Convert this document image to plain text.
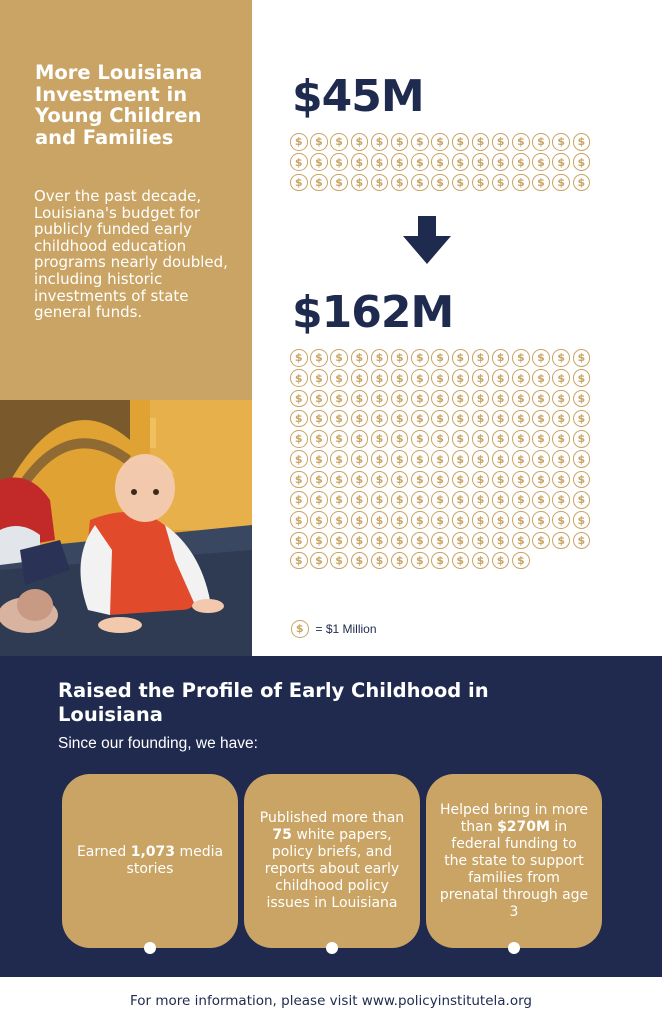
More Louisiana Investment in Young Children and Families

Over the past decade, Louisiana's budget for publicly funded early childhood education programs nearly doubled, including historic investments of state general funds.

$45M
$	$	$	$	$	$	$	$	$	$	$	$	$	$	$
$	$	$	$	$	$	$	$	$	$	$	$	$	$	$
$	$	$	$	$	$	$	$	$	$	$	$	$	$	$
$162M
$	$	$	$	$	$	$	$	$	$	$	$	$	$	$
$	$	$	$	$	$	$	$	$	$	$	$	$	$	$
$	$	$	$	$	$	$	$	$	$	$	$	$	$	$
$	$	$	$	$	$	$	$	$	$	$	$	$	$	$
$	$	$	$	$	$	$	$	$	$	$	$	$	$	$
$	$	$	$	$	$	$	$	$	$	$	$	$	$	$
$	$	$	$	$	$	$	$	$	$	$	$	$	$	$
$	$	$	$	$	$	$	$	$	$	$	$	$	$	$
$	$	$	$	$	$	$	$	$	$	$	$	$	$	$
$	$	$	$	$	$	$	$	$	$	$	$	$	$	$
$	$	$	$	$	$	$	$	$	$	$	$
$ = $1 Million
Raised the Profile of Early Childhood in Louisiana

Since our founding, we have:

Earned 1,073 media stories
Published more than 75 white papers, policy briefs, and reports about early childhood policy issues in Louisiana
Helped bring in more than $270M in federal funding to the state to support families from prenatal through age 3
For more information, please visit www.policyinstitutela.org
